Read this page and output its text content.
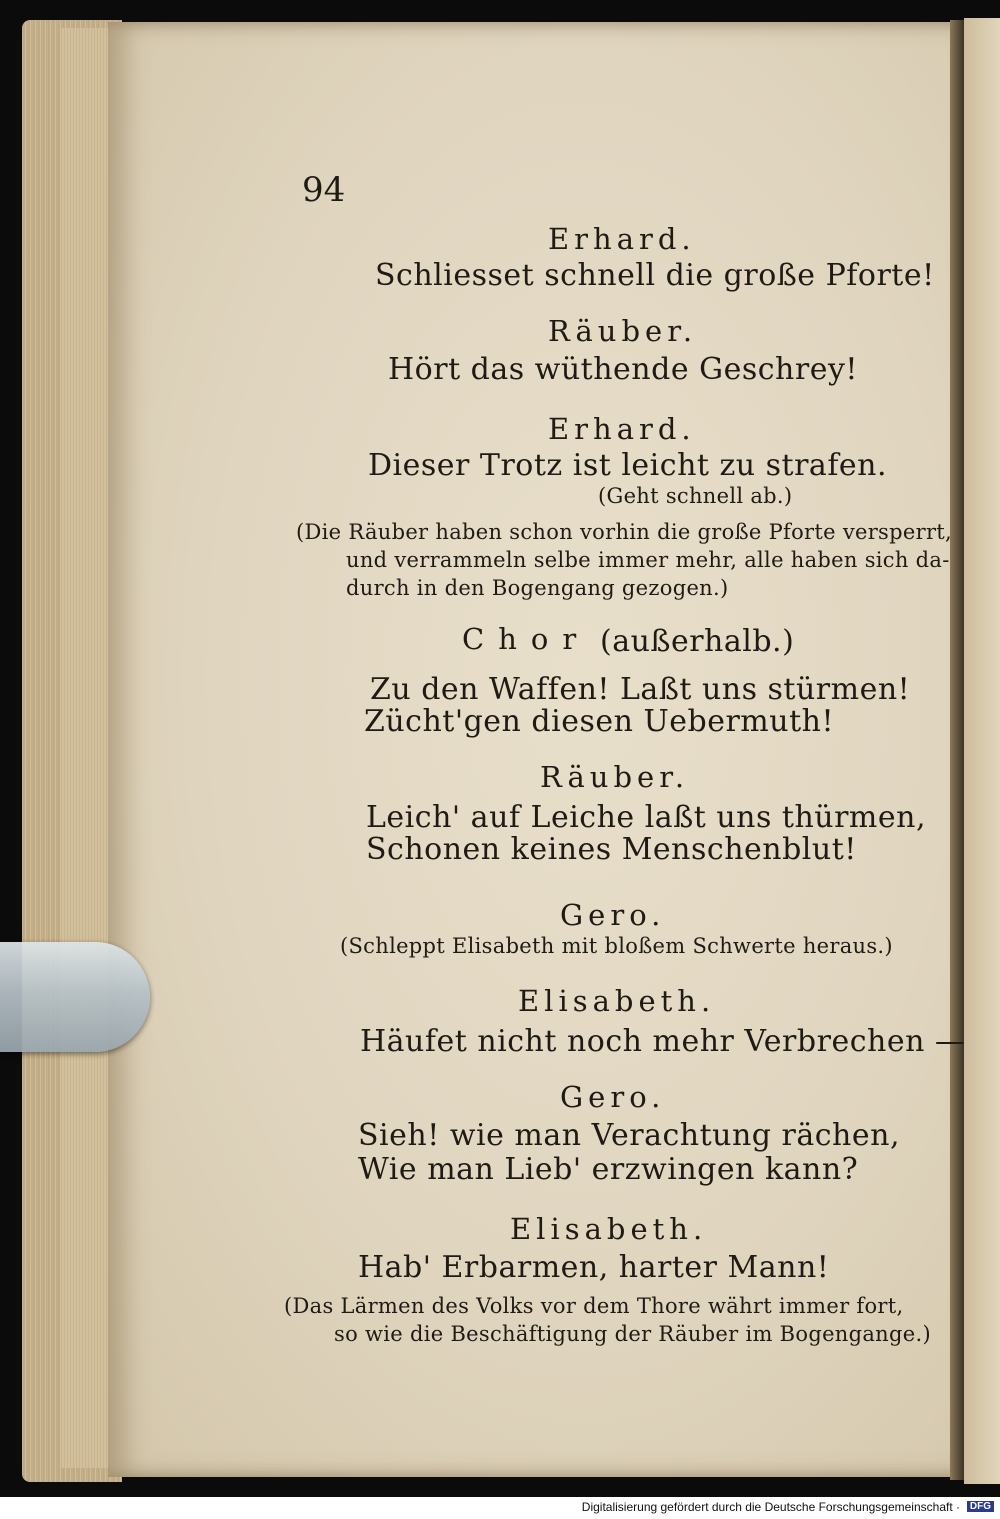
94
Erhard.
Schliesset schnell die große Pforte!
Räuber.
Hört das wüthende Geschrey!
Erhard.
Dieser Trotz ist leicht zu strafen.
(Geht schnell ab.)
(Die Räuber haben schon vorhin die große Pforte versperrt,
und verrammeln selbe immer mehr, alle haben sich da-
durch in den Bogengang gezogen.)
Chor (außerhalb.)
Zu den Waffen! Laßt uns stürmen!
Zücht'gen diesen Uebermuth!
Räuber.
Leich' auf Leiche laßt uns thürmen,
Schonen keines Menschenblut!
Gero.
(Schleppt Elisabeth mit bloßem Schwerte heraus.)
Elisabeth.
Häufet nicht noch mehr Verbrechen —
Gero.
Sieh! wie man Verachtung rächen,
Wie man Lieb' erzwingen kann?
Elisabeth.
Hab' Erbarmen, harter Mann!
(Das Lärmen des Volks vor dem Thore währt immer fort,
so wie die Beschäftigung der Räuber im Bogengange.)
Digitalisierung gefördert durch die Deutsche Forschungsgemeinschaft · DFG
